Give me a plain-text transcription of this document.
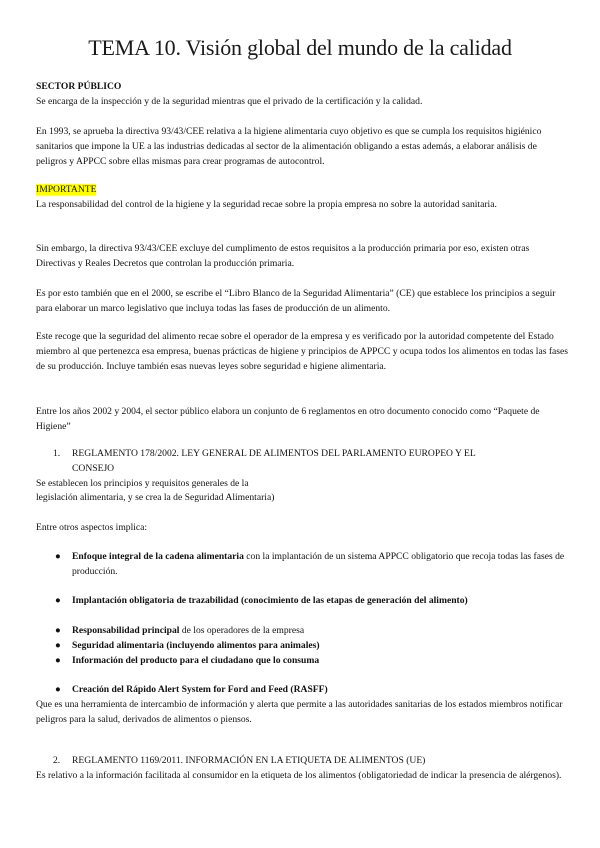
TEMA 10. Visión global del mundo de la calidad
SECTOR PÚBLICO
Se encarga de la inspección y de la seguridad mientras que el privado de la certificación y la calidad.
En 1993, se aprueba la directiva 93/43/CEE relativa a la higiene alimentaria cuyo objetivo es que se cumpla los requisitos higiénico sanitarios que impone la UE a las industrias dedicadas al sector de la alimentación obligando a estas además, a elaborar análisis de peligros y APPCC sobre ellas mismas para crear programas de autocontrol.
IMPORTANTE
La responsabilidad del control de la higiene y la seguridad recae sobre la propia empresa no sobre la autoridad sanitaria.
Sin embargo, la directiva 93/43/CEE excluye del cumplimento de estos requisitos a la producción primaria por eso, existen otras Directivas y Reales Decretos que controlan la producción primaria.
Es por esto también que en el 2000, se escribe el “Libro Blanco de la Seguridad Alimentaria” (CE) que establece los principios a seguir para elaborar un marco legislativo que incluya todas las fases de producción de un alimento.
Este recoge que la seguridad del alimento recae sobre el operador de la empresa y es verificado por la autoridad competente del Estado miembro al que pertenezca esa empresa, buenas prácticas de higiene y principios de APPCC y ocupa todos los alimentos en todas las fases de su producción. Incluye también esas nuevas leyes sobre seguridad e higiene alimentaria.
Entre los años 2002 y 2004, el sector público elabora un conjunto de 6 reglamentos en otro documento conocido como “Paquete de Higiene”
1. REGLAMENTO 178/2002. LEY GENERAL DE ALIMENTOS DEL PARLAMENTO EUROPEO Y EL
CONSEJO
Se establecen los principios y requisitos generales de la
legislación alimentaria, y se crea la de Seguridad Alimentaria)
Entre otros aspectos implica:
● Enfoque integral de la cadena alimentaria con la implantación de un sistema APPCC obligatorio que recoja todas las fases de producción.
● Implantación obligatoria de trazabilidad (conocimiento de las etapas de generación del alimento)
● Responsabilidad principal de los operadores de la empresa
● Seguridad alimentaria (incluyendo alimentos para animales)
● Información del producto para el ciudadano que lo consuma
● Creación del Rápido Alert System for Ford and Feed (RASFF)
Que es una herramienta de intercambio de información y alerta que permite a las autoridades sanitarias de los estados miembros notificar peligros para la salud, derivados de alimentos o piensos.
2. REGLAMENTO 1169/2011. INFORMACIÓN EN LA ETIQUETA DE ALIMENTOS (UE)
Es relativo a la información facilitada al consumidor en la etiqueta de los alimentos (obligatoriedad de indicar la presencia de alérgenos).
